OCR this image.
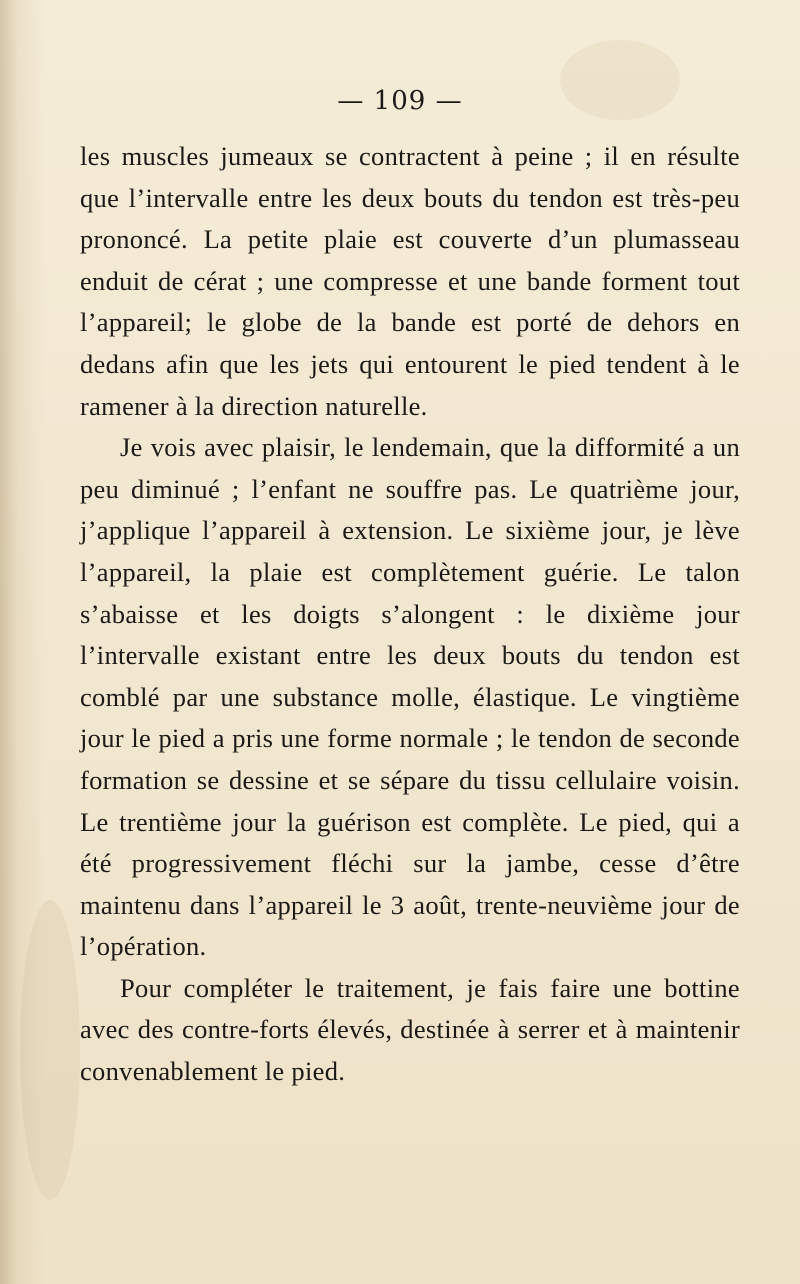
— 109 —

les muscles jumeaux se contractent à peine ; il en résulte que l’intervalle entre les deux bouts du tendon est très-peu prononcé. La petite plaie est couverte d’un plumasseau enduit de cérat ; une compresse et une bande forment tout l’appareil; le globe de la bande est porté de dehors en dedans afin que les jets qui entourent le pied tendent à le ramener à la direction naturelle.

Je vois avec plaisir, le lendemain, que la difformité a un peu diminué ; l’enfant ne souffre pas. Le quatrième jour, j’applique l’appareil à extension. Le sixième jour, je lève l’appareil, la plaie est complètement guérie. Le talon s’abaisse et les doigts s’alongent : le dixième jour l’intervalle existant entre les deux bouts du tendon est comblé par une substance molle, élastique. Le vingtième jour le pied a pris une forme normale ; le tendon de seconde formation se dessine et se sépare du tissu cellulaire voisin. Le trentième jour la guérison est complète. Le pied, qui a été progressivement fléchi sur la jambe, cesse d’être maintenu dans l’appareil le 3 août, trente-neuvième jour de l’opération.

Pour compléter le traitement, je fais faire une bottine avec des contre-forts élevés, destinée à serrer et à maintenir convenablement le pied.
